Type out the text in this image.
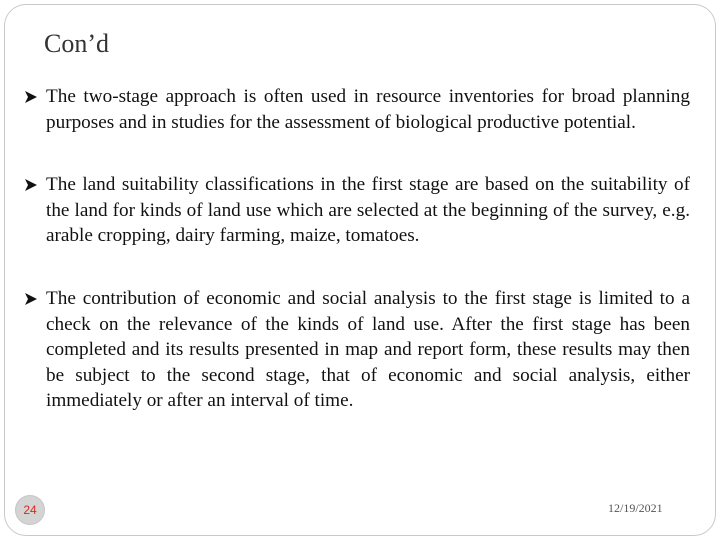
Con’d
The two-stage approach is often used in resource inventories for broad planning purposes and in studies for the assessment of biological productive potential.
The land suitability classifications in the first stage are based on the suitability of the land for kinds of land use which are selected at the beginning of the survey, e.g. arable cropping, dairy farming, maize, tomatoes.
The contribution of economic and social analysis to the first stage is limited to a check on the relevance of the kinds of land use. After the first stage has been completed and its results presented in map and report form, these results may then be subject to the second stage, that of economic and social analysis, either immediately or after an interval of time.
24	12/19/2021
